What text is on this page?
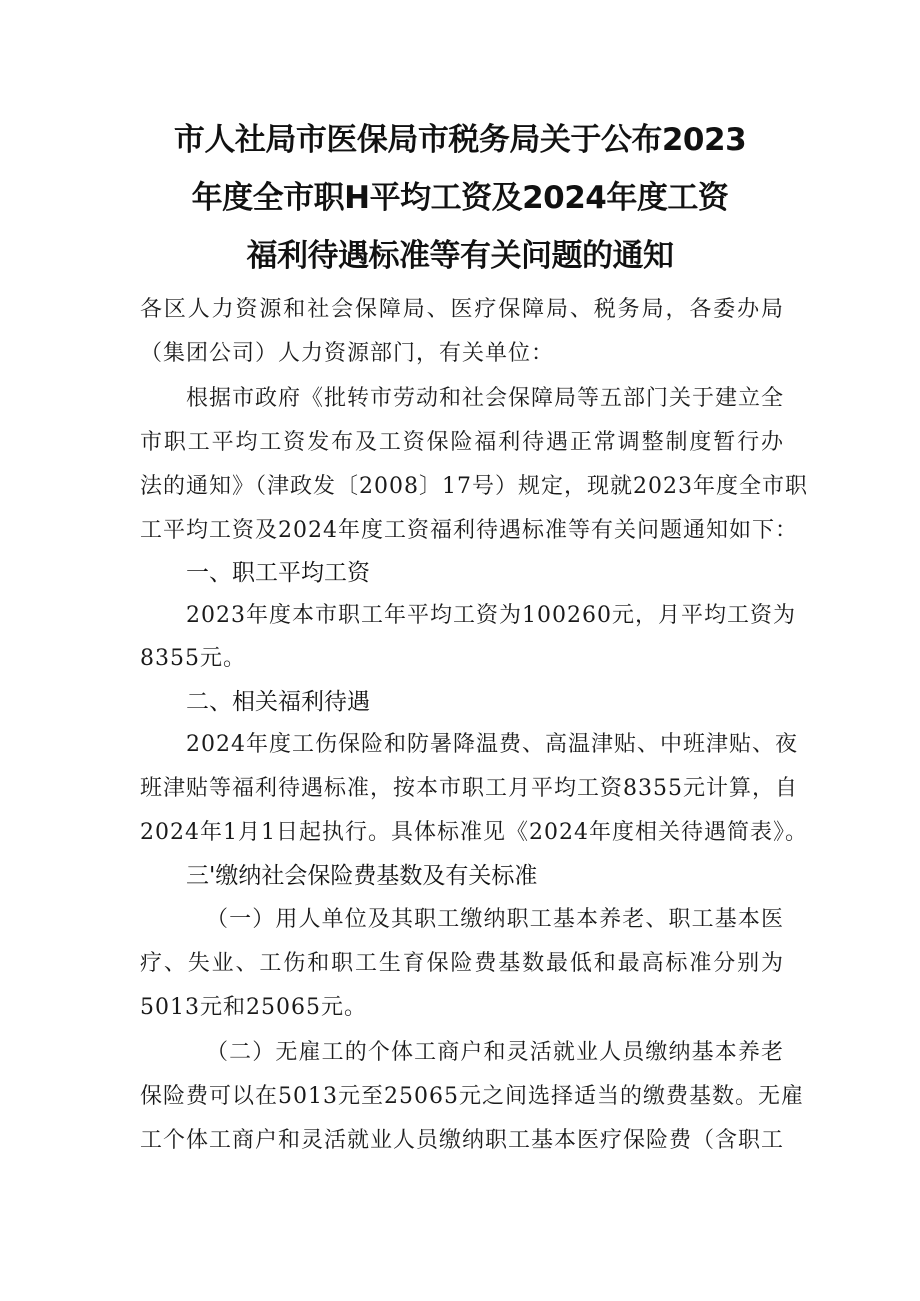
市人社局市医保局市税务局关于公布2023
年度全市职H平均工资及2024年度工资
福利待遇标准等有关问题的通知
各区人力资源和社会保障局、医疗保障局、税务局，各委办局
（集团公司）人力资源部门，有关单位：
根据市政府《批转市劳动和社会保障局等五部门关于建立全
市职工平均工资发布及工资保险福利待遇正常调整制度暂行办
法的通知》（津政发〔2008〕17号）规定，现就2023年度全市职
工平均工资及2024年度工资福利待遇标准等有关问题通知如下：
一、职工平均工资
2023年度本市职工年平均工资为100260元，月平均工资为
8355元。
二、相关福利待遇
2024年度工伤保险和防暑降温费、高温津贴、中班津贴、夜
班津贴等福利待遇标准，按本市职工月平均工资8355元计算，自
2024年1月1日起执行。具体标准见《2024年度相关待遇简表》。
三'缴纳社会保险费基数及有关标准
（一）用人单位及其职工缴纳职工基本养老、职工基本医
疗、失业、工伤和职工生育保险费基数最低和最高标准分别为
5013元和25065元。
（二）无雇工的个体工商户和灵活就业人员缴纳基本养老
保险费可以在5013元至25065元之间选择适当的缴费基数。无雇
工个体工商户和灵活就业人员缴纳职工基本医疗保险费（含职工
